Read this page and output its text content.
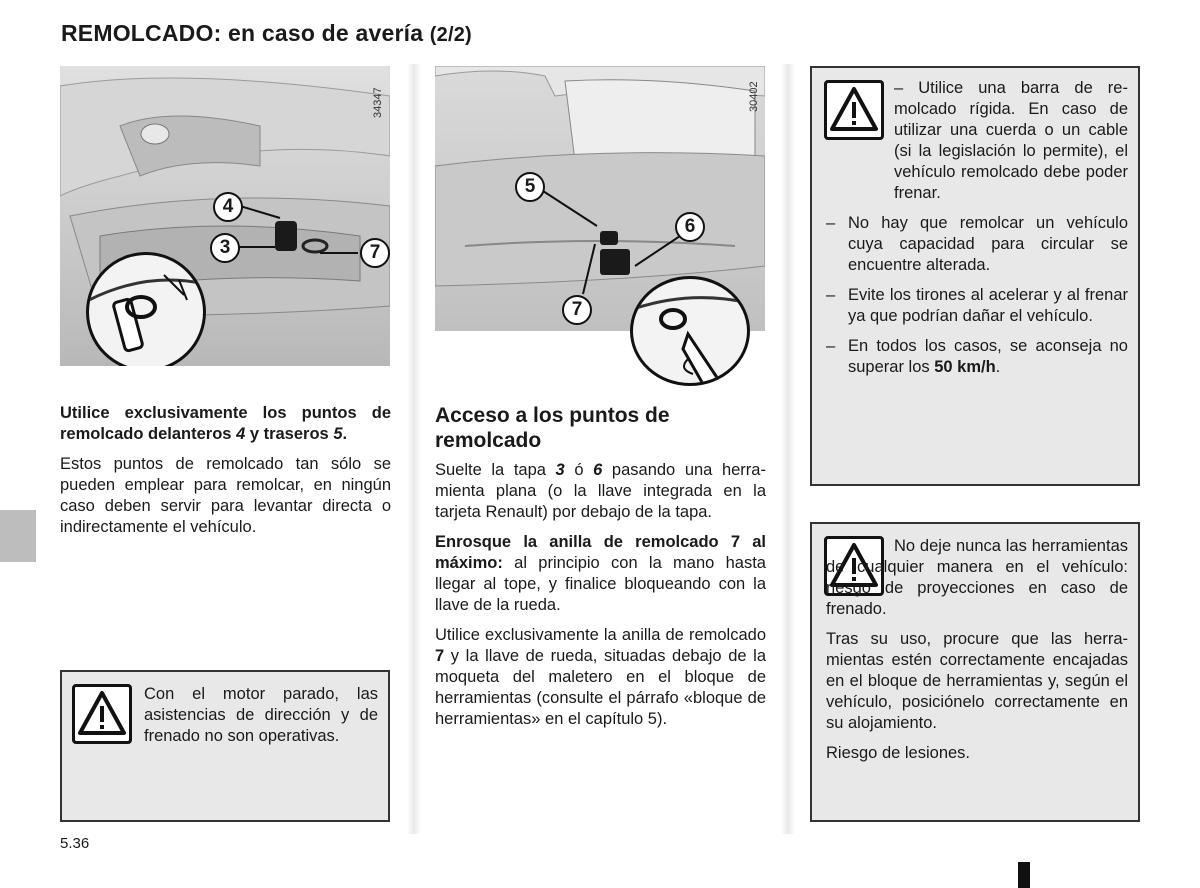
REMOLCADO: en caso de avería (2/2)
34347
4
3	7
30402
5
6
7

Utilice exclusivamente los puntos de remolcado delanteros 4 y traseros 5.

Estos puntos de remolcado tan sólo se pueden emplear para remolcar, en ningún caso deben servir para levantar directa o indirectamente el vehículo.

Con el motor parado, las asistencias de dirección y de frenado no son operativas.
Acceso a los puntos de remolcado

Suelte la tapa 3 ó 6 pasando una herramienta plana (o la llave integrada en la tarjeta Renault) por debajo de la tapa.

Enrosque la anilla de remolcado 7 al máximo: al principio con la mano hasta llegar al tope, y finalice bloqueando con la llave de la rueda.

Utilice exclusivamente la anilla de remolcado 7 y la llave de rueda, situadas debajo de la moqueta del maletero en el bloque de herramientas (consulte el párrafo «bloque de herramientas» en el capítulo 5).

– Utilice una barra de remolcado rígida. En caso de utilizar una cuerda o un cable (si la legislación lo permite), el vehículo remolcado debe poder frenar.

– No hay que remolcar un vehículo cuya capacidad para circular se encuentre alterada.

– Evite los tirones al acelerar y al frenar ya que podrían dañar el vehículo.

– En todos los casos, se aconseja no superar los 50 km/h.

No deje nunca las herramientas de cualquier manera en el vehículo: riesgo de proyecciones en caso de frenado.

Tras su uso, procure que las herramientas estén correctamente encajadas en el bloque de herramientas y, según el vehículo, posiciónelo correctamente en su alojamiento.

Riesgo de lesiones.

5.36
